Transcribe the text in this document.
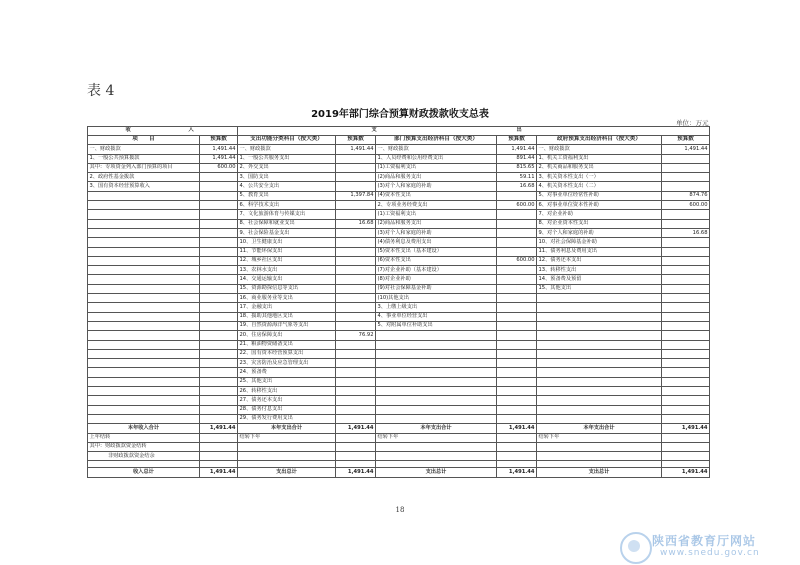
表 4
2019年部门综合预算财政拨款收支总表
单位：万元
收 入		支 出					
项　　目	预算数	支出功能分类科目（按大类）	预算数	部门预算支出经济科目（按大类）	预算数	政府预算支出经济科目（按大类）	预算数
一、财政拨款	1,491.44	一、财政拨款	1,491.44	一、财政拨款	1,491.44	一、财政拨款	1,491.44
1、一般公共预算拨款	1,491.44	1、一般公共服务支出		1、人员经费和公用经费支出	891.44	1、机关工资福利支出	
其中：专项资金列入部门预算的项目	600.00	2、外交支出		(1)工资福利支出	815.65	2、机关商品和服务支出	
2、政府性基金拨款		3、国防支出		(2)商品和服务支出	59.11	3、机关资本性支出（一）	
3、国有资本经营预算收入		4、公共安全支出		(3)对个人和家庭的补助	16.68	4、机关资本性支出（二）	
		5、教育支出	1,397.84	(4)资本性支出		5、对事业单位经常性补助	874.76
		6、科学技术支出		2、专项业务经费支出	600.00	6、对事业单位资本性补助	600.00
		7、文化旅游体育与传媒支出		(1)工资福利支出		7、对企业补助	
		8、社会保障和就业支出	16.68	(2)商品和服务支出		8、对企业资本性支出	
		9、社会保险基金支出		(3)对个人和家庭的补助		9、对个人和家庭的补助	16.68
		10、卫生健康支出		(4)债务利息及费用支出		10、对社会保障基金补助	
		11、节能环保支出		(5)资本性支出（基本建设）		11、债务利息及费用支出	
		12、城乡社区支出		(6)资本性支出	600.00	12、债务还本支出	
		13、农林水支出		(7)对企业补助（基本建设）		13、转移性支出	
		14、交通运输支出		(8)对企业补助		14、预备费及预留	
		15、资源勘探信息等支出		(9)对社会保障基金补助		15、其他支出	
		16、商业服务业等支出		(10)其他支出			
		17、金融支出		3、上缴上级支出			
		18、援助其他地区支出		4、事业单位经营支出			
		19、自然资源海洋气象等支出		5、对附属单位补助支出			
		20、住房保障支出	76.92				
		21、粮油物资储备支出					
		22、国有资本经营预算支出					
		23、灾害防治及应急管理支出					
		24、预备费					
		25、其他支出					
		26、转移性支出					
		27、债务还本支出					
		28、债务付息支出					
		29、债务发行费用支出					
本年收入合计	1,491.44	本年支出合计	1,491.44	本年支出合计	1,491.44	本年支出合计	1,491.44
上年结转		结转下年		结转下年		结转下年	
其中：财政拨款资金结转							
非财政拨款资金结余							

收入总计	1,491.44	支出总计	1,491.44	支出总计	1,491.44	支出总计	1,491.44
18
陕西省教育厅网站
www.snedu.gov.cn
